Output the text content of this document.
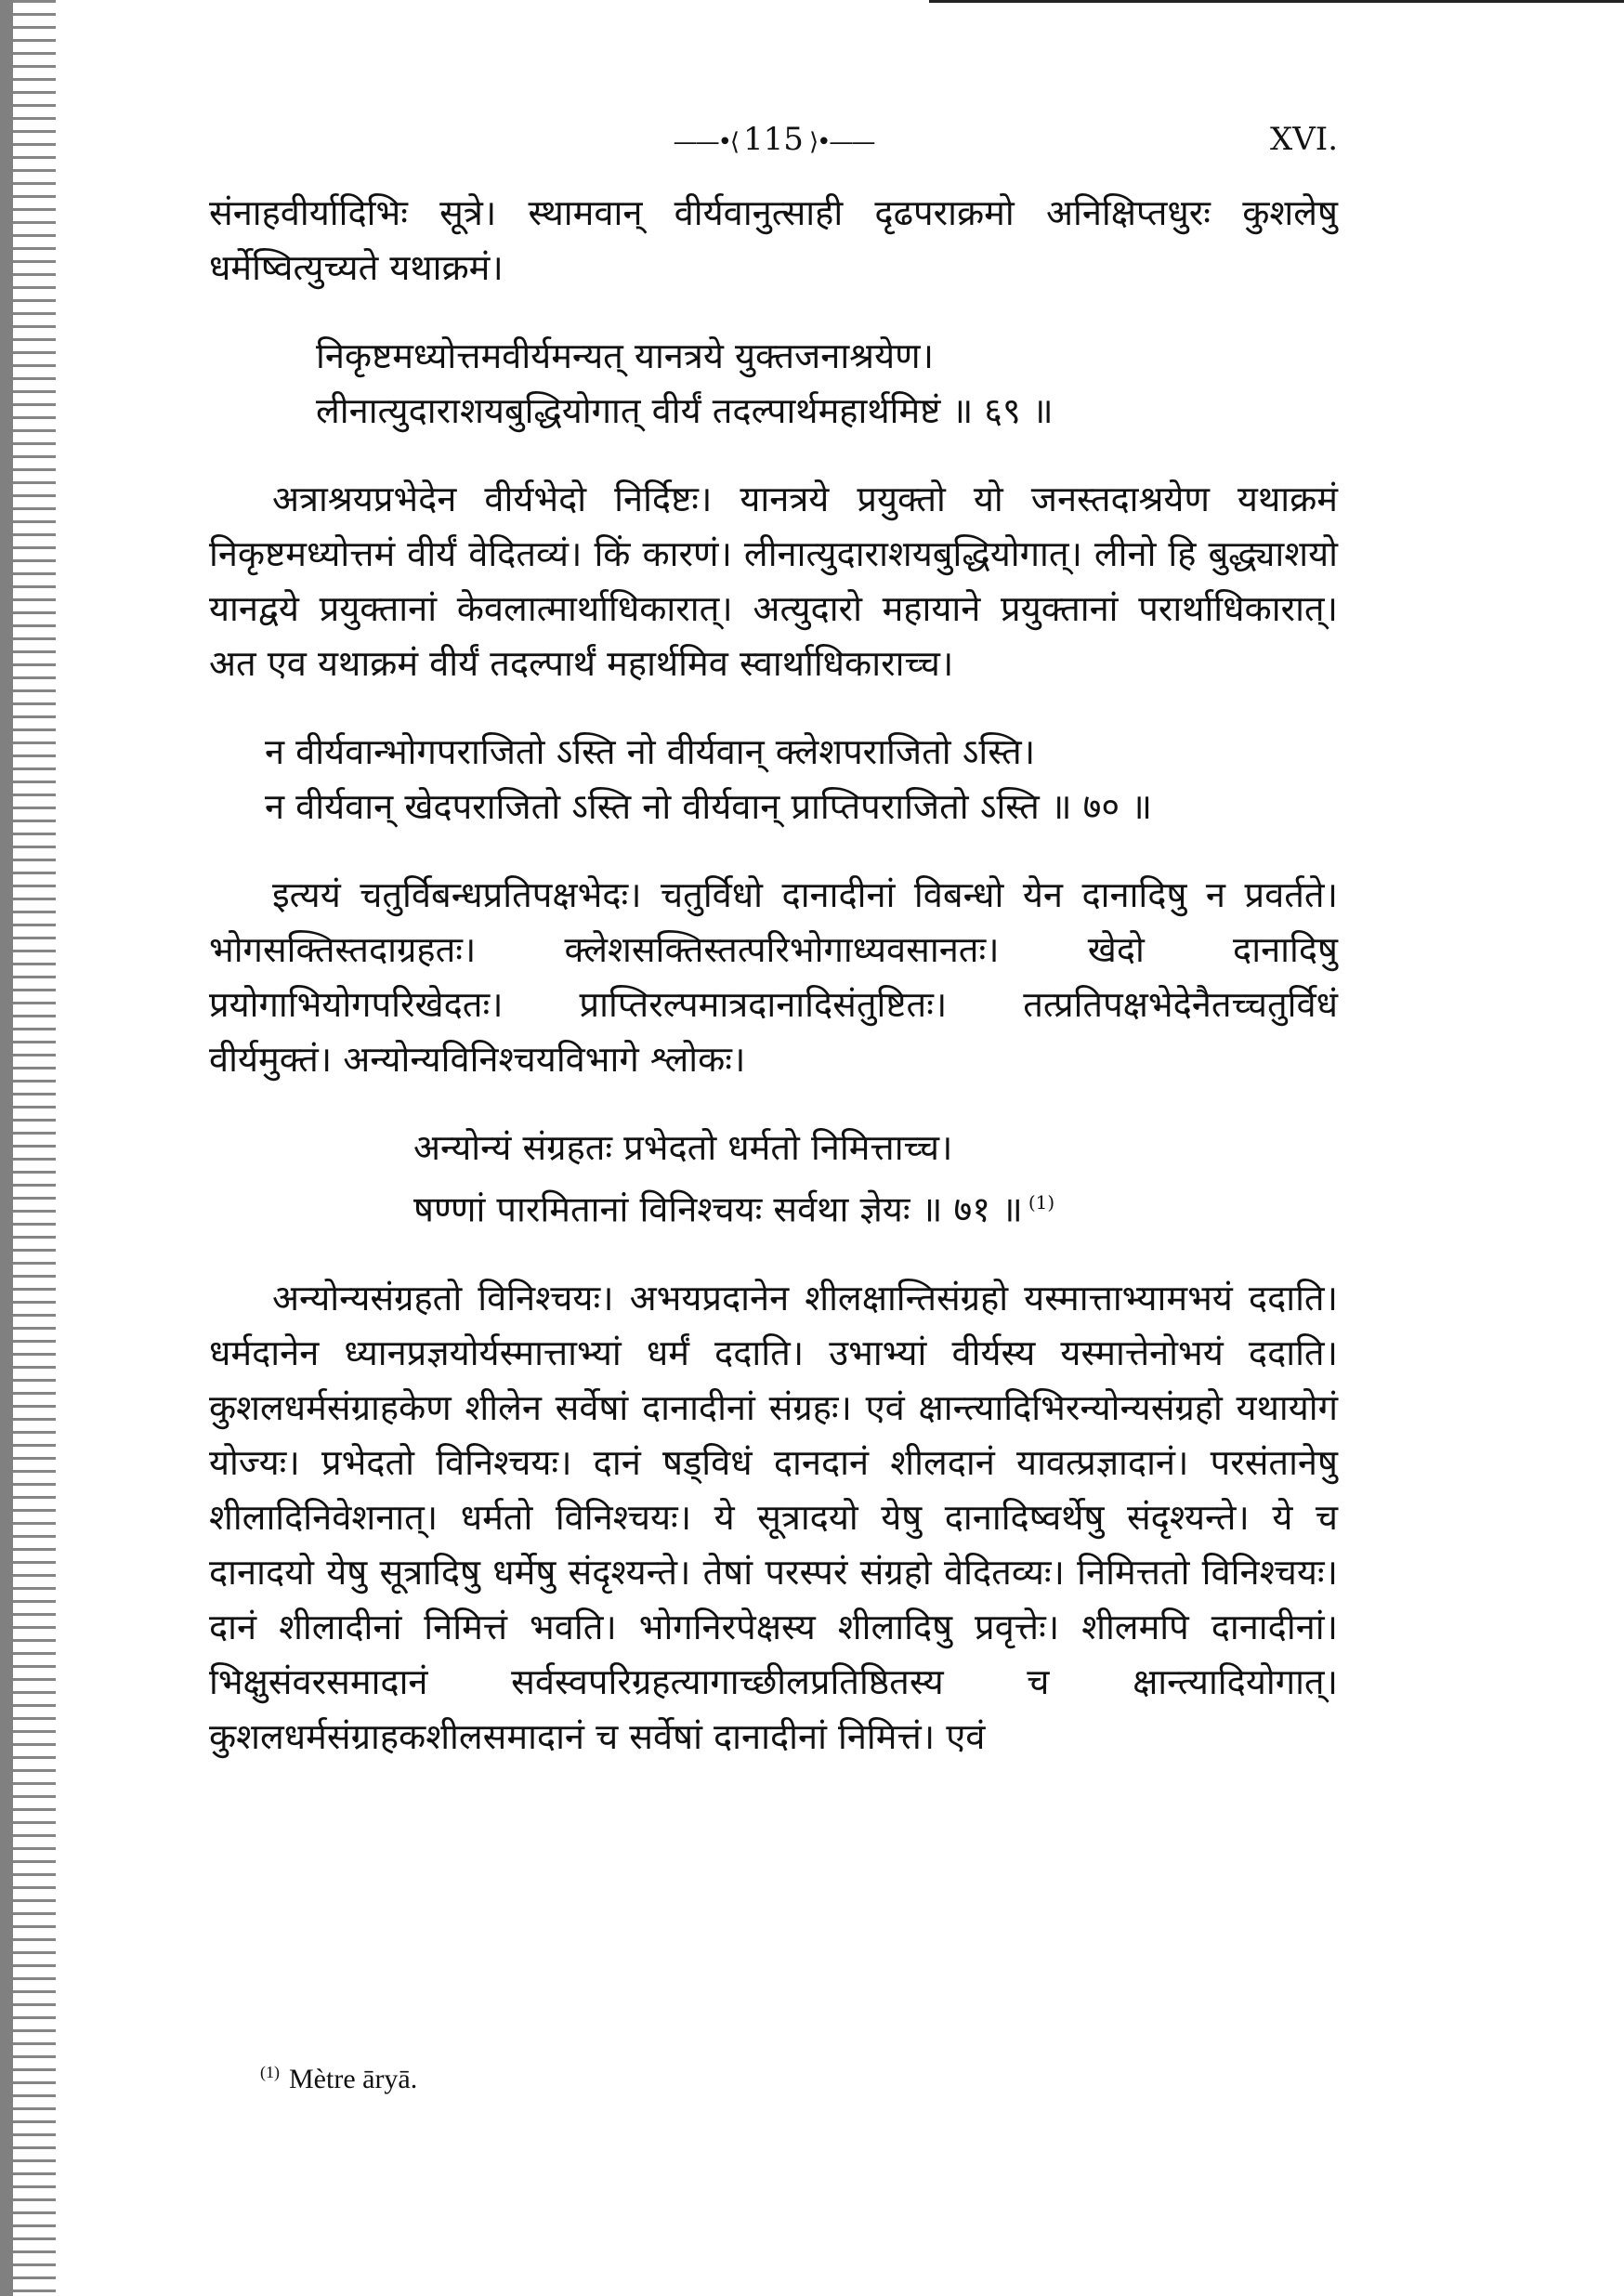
——•⟨ 115 ⟩•——	XVI.

संनाहवीर्यादिभिः सूत्रे। स्थामवान् वीर्यवानुत्साही दृढपराक्रमो अनिक्षिप्तधुरः कुशलेषु धर्मेष्वित्युच्यते यथाक्रमं।

निकृष्टमध्योत्तमवीर्यमन्यत् यानत्रये युक्तजनाश्रयेण।
लीनात्युदाराशयबुद्धियोगात् वीर्यं तदल्पार्थमहार्थमिष्टं ॥ ६९ ॥

अत्राश्रयप्रभेदेन वीर्यभेदो निर्दिष्टः। यानत्रये प्रयुक्तो यो जनस्तदाश्रयेण यथाक्रमं निकृष्टमध्योत्तमं वीर्यं वेदितव्यं। किं कारणं। लीनात्युदाराशयबुद्धियोगात्। लीनो हि बुद्ध्याशयो यानद्वये प्रयुक्तानां केवलात्मार्थाधिकारात्। अत्युदारो महायाने प्रयुक्तानां परार्थाधिकारात्। अत एव यथाक्रमं वीर्यं तदल्पार्थं महार्थमिव स्वार्थाधिकाराच्च।

न वीर्यवान्भोगपराजितो ऽस्ति नो वीर्यवान् क्लेशपराजितो ऽस्ति।
न वीर्यवान् खेदपराजितो ऽस्ति नो वीर्यवान् प्राप्तिपराजितो ऽस्ति ॥ ७० ॥

इत्ययं चतुर्विबन्धप्रतिपक्षभेदः। चतुर्विधो दानादीनां विबन्धो येन दानादिषु न प्रवर्तते। भोगसक्तिस्तदाग्रहतः। क्लेशसक्तिस्तत्परिभोगाध्यवसानतः। खेदो दानादिषु प्रयोगाभियोगपरिखेदतः। प्राप्तिरल्पमात्रदानादिसंतुष्टितः। तत्प्रतिपक्षभेदेनैतच्चतुर्विधं वीर्यमुक्तं। अन्योन्यविनिश्चयविभागे श्लोकः।

अन्योन्यं संग्रहतः प्रभेदतो धर्मतो निमित्ताच्च।
षण्णां पारमितानां विनिश्चयः सर्वथा ज्ञेयः ॥ ७१ ॥ $^{(1)}$

अन्योन्यसंग्रहतो विनिश्चयः। अभयप्रदानेन शीलक्षान्तिसंग्रहो यस्मात्ताभ्यामभयं ददाति। धर्मदानेन ध्यानप्रज्ञयोर्यस्मात्ताभ्यां धर्मं ददाति। उभाभ्यां वीर्यस्य यस्मात्तेनोभयं ददाति। कुशलधर्मसंग्राहकेण शीलेन सर्वेषां दानादीनां संग्रहः। एवं क्षान्त्यादिभिरन्योन्यसंग्रहो यथायोगं योज्यः। प्रभेदतो विनिश्चयः। दानं षड्विधं दानदानं शीलदानं यावत्प्रज्ञादानं। परसंतानेषु शीलादिनिवेशनात्। धर्मतो विनिश्चयः। ये सूत्रादयो येषु दानादिष्वर्थेषु संदृश्यन्ते। ये च दानादयो येषु सूत्रादिषु धर्मेषु संदृश्यन्ते। तेषां परस्परं संग्रहो वेदितव्यः। निमित्ततो विनिश्चयः। दानं शीलादीनां निमित्तं भवति। भोगनिरपेक्षस्य शीलादिषु प्रवृत्तेः। शीलमपि दानादीनां। भिक्षुसंवरसमादानं सर्वस्वपरिग्रहत्यागाच्छीलप्रतिष्ठितस्य च क्षान्त्यादियोगात्। कुशलधर्मसंग्राहकशीलसमादानं च सर्वेषां दानादीनां निमित्तं। एवं

$^{(1)}$ Mètre āryā.
